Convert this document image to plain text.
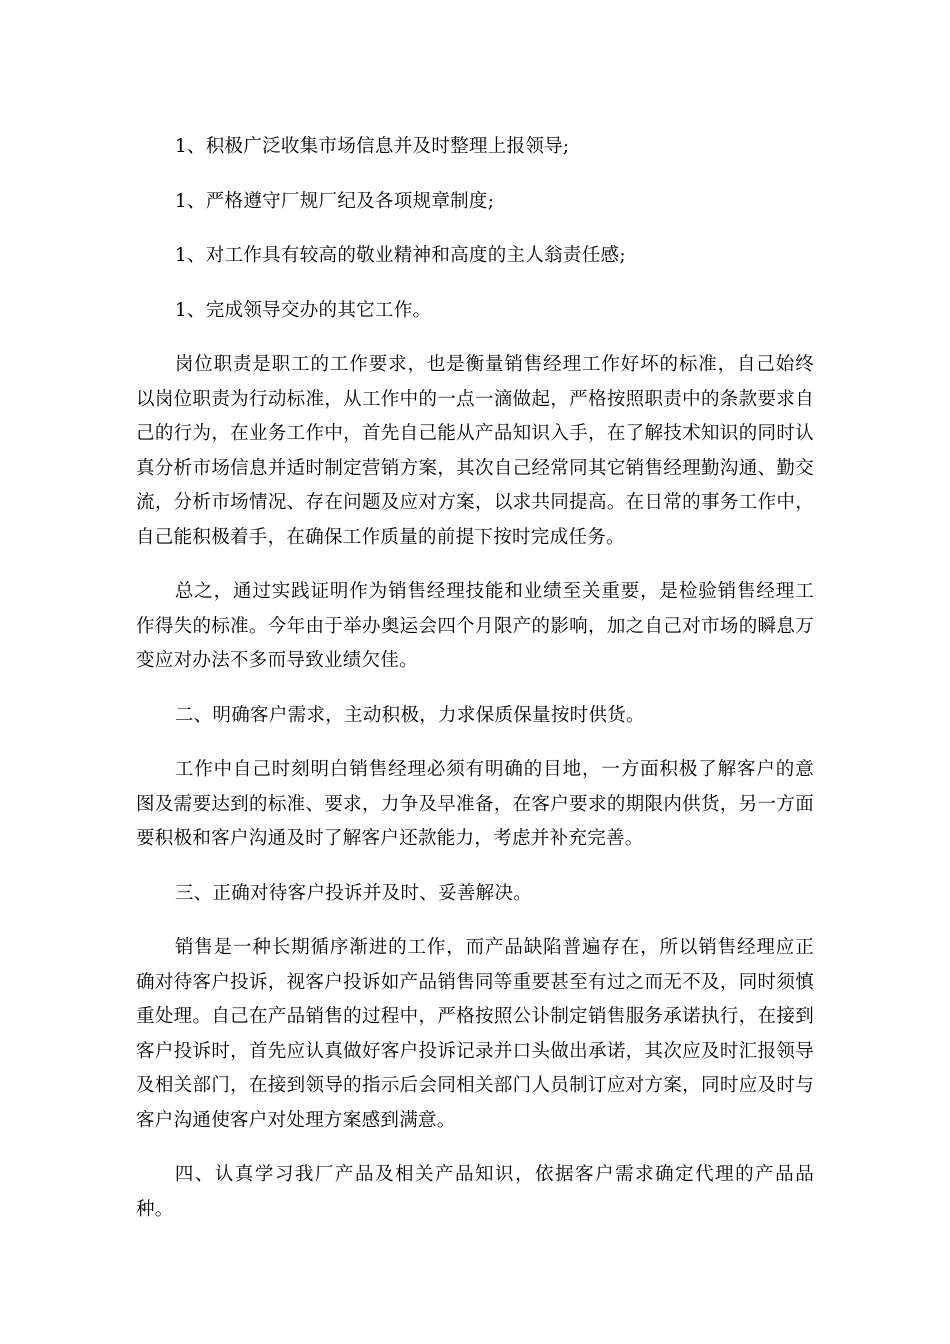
1、积极广泛收集市场信息并及时整理上报领导;

1、严格遵守厂规厂纪及各项规章制度;

1、对工作具有较高的敬业精神和高度的主人翁责任感;

1、完成领导交办的其它工作。

岗位职责是职工的工作要求，也是衡量销售经理工作好坏的标准，自己始终以岗位职责为行动标准，从工作中的一点一滴做起，严格按照职责中的条款要求自己的行为，在业务工作中，首先自己能从产品知识入手，在了解技术知识的同时认真分析市场信息并适时制定营销方案，其次自己经常同其它销售经理勤沟通、勤交流，分析市场情况、存在问题及应对方案，以求共同提高。在日常的事务工作中，自己能积极着手，在确保工作质量的前提下按时完成任务。

总之，通过实践证明作为销售经理技能和业绩至关重要，是检验销售经理工作得失的标准。今年由于举办奥运会四个月限产的影响，加之自己对市场的瞬息万变应对办法不多而导致业绩欠佳。

二、明确客户需求，主动积极，力求保质保量按时供货。

工作中自己时刻明白销售经理必须有明确的目地，一方面积极了解客户的意图及需要达到的标准、要求，力争及早准备，在客户要求的期限内供货，另一方面要积极和客户沟通及时了解客户还款能力，考虑并补充完善。

三、正确对待客户投诉并及时、妥善解决。

销售是一种长期循序渐进的工作，而产品缺陷普遍存在，所以销售经理应正确对待客户投诉，视客户投诉如产品销售同等重要甚至有过之而无不及，同时须慎重处理。自己在产品销售的过程中，严格按照公讣制定销售服务承诺执行，在接到客户投诉时，首先应认真做好客户投诉记录并口头做出承诺，其次应及时汇报领导及相关部门，在接到领导的指示后会同相关部门人员制订应对方案，同时应及时与客户沟通使客户对处理方案感到满意。

四、认真学习我厂产品及相关产品知识，依据客户需求确定代理的产品品种。
